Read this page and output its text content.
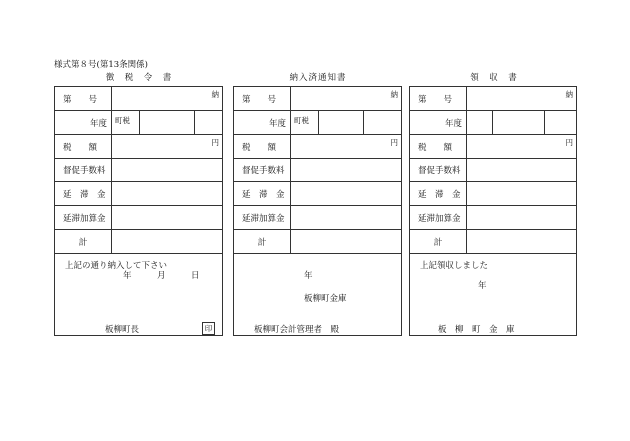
様式第８号(第13条関係)
徴　税　令　書
第　　号	納
年度	町税
税　　額	円
督促手数料
延　滞　金
延滞加算金
計
上記の通り納入して下さい
年　　　月　　　日
板柳町長	印
納入済通知書
第　　号	納
年度	町税
税　　額	円
督促手数料
延　滞　金
延滞加算金
計
年
板柳町金庫
板柳町会計管理者　殿
領　収　書
第　　号	納
年度
税　　額	円
督促手数料
延　滞　金
延滞加算金
計
上記領収しました
年
板　柳　町　金　庫
